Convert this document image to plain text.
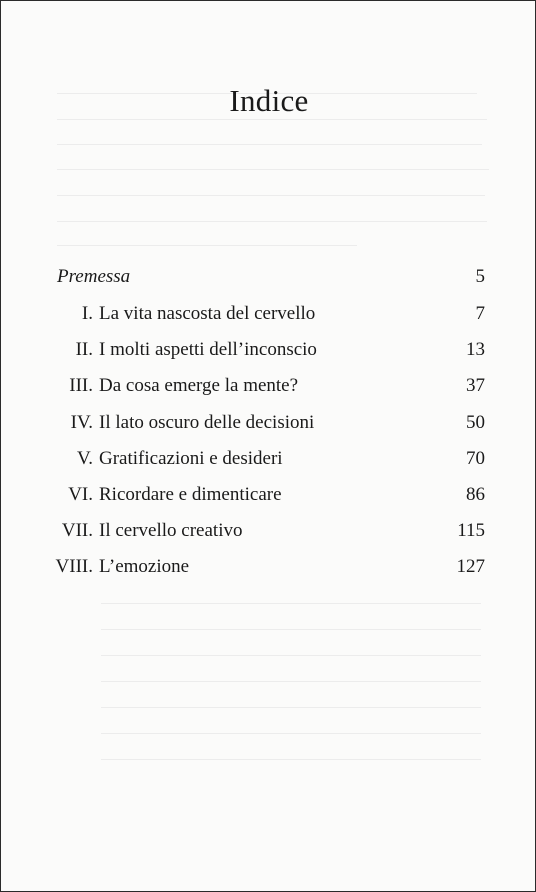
Indice
Premessa	5
I. La vita nascosta del cervello	7
II. I molti aspetti dell’inconscio	13
III. Da cosa emerge la mente?	37
IV. Il lato oscuro delle decisioni	50
V. Gratificazioni e desideri	70
VI. Ricordare e dimenticare	86
VII. Il cervello creativo	115
VIII. L’emozione	127
